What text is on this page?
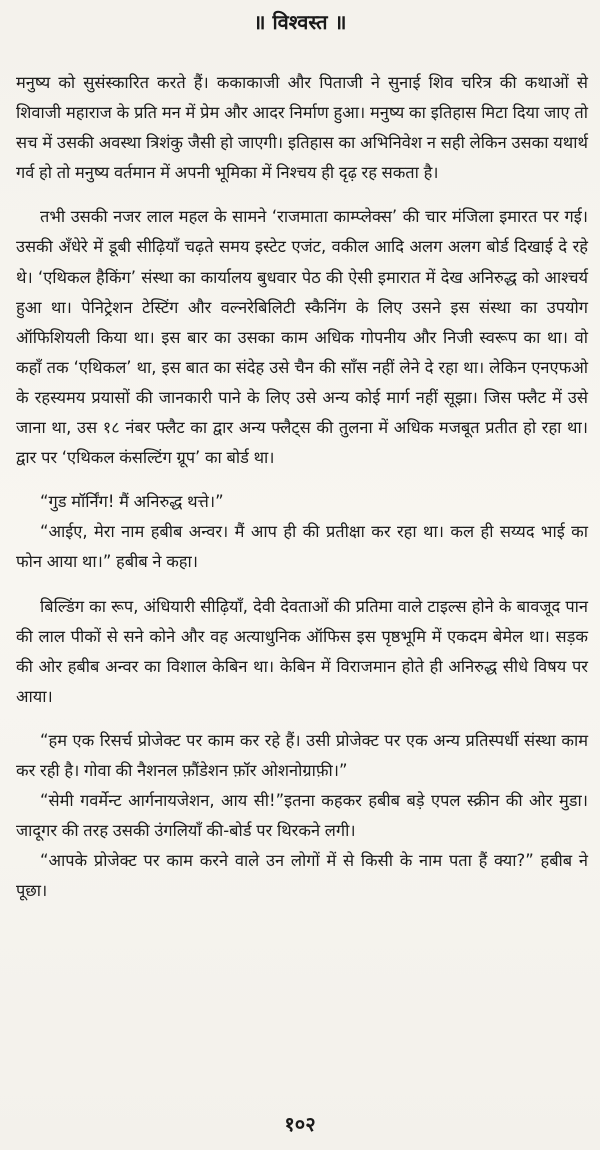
॥ विश्वस्त ॥

मनुष्य को सुसंस्कारित करते हैं। ककाकाजी और पिताजी ने सुनाई शिव चरित्र की कथाओं से शिवाजी महाराज के प्रति मन में प्रेम और आदर निर्माण हुआ। मनुष्य का इतिहास मिटा दिया जाए तो सच में उसकी अवस्था त्रिशंकु जैसी हो जाएगी। इतिहास का अभिनिवेश न सही लेकिन उसका यथार्थ गर्व हो तो मनुष्य वर्तमान में अपनी भूमिका में निश्चय ही दृढ़ रह सकता है।

तभी उसकी नजर लाल महल के सामने ‘राजमाता काम्प्लेक्स’ की चार मंजिला इमारत पर गई। उसकी अँधेरे में डूबी सीढ़ियाँ चढ़ते समय इस्टेट एजंट, वकील आदि अलग अलग बोर्ड दिखाई दे रहे थे। ‘एथिकल हैकिंग’ संस्था का कार्यालय बुधवार पेठ की ऐसी इमारात में देख अनिरुद्ध को आश्चर्य हुआ था। पेनिट्रेशन टेस्टिंग और वल्नरेबिलिटी स्कैनिंग के लिए उसने इस संस्था का उपयोग ऑफिशियली किया था। इस बार का उसका काम अधिक गोपनीय और निजी स्वरूप का था। वो कहाँ तक ‘एथिकल’ था, इस बात का संदेह उसे चैन की साँस नहीं लेने दे रहा था। लेकिन एनएफओ के रहस्यमय प्रयासों की जानकारी पाने के लिए उसे अन्य कोई मार्ग नहीं सूझा। जिस फ्लैट में उसे जाना था, उस १८ नंबर फ्लैट का द्वार अन्य फ्लैट्स की तुलना में अधिक मजबूत प्रतीत हो रहा था। द्वार पर ‘एथिकल कंसल्टिंग ग्रूप’ का बोर्ड था।

“गुड मॉर्निंग! मैं अनिरुद्ध थत्ते।”

“आईए, मेरा नाम हबीब अन्वर। मैं आप ही की प्रतीक्षा कर रहा था। कल ही सय्यद भाई का फोन आया था।” हबीब ने कहा।

बिल्डिंग का रूप, अंधियारी सीढ़ियाँ, देवी देवताओं की प्रतिमा वाले टाइल्स होने के बावजूद पान की लाल पीकों से सने कोने और वह अत्याधुनिक ऑफिस इस पृष्ठभूमि में एकदम बेमेल था। सड़क की ओर हबीब अन्वर का विशाल केबिन था। केबिन में विराजमान होते ही अनिरुद्ध सीधे विषय पर आया।

“हम एक रिसर्च प्रोजेक्ट पर काम कर रहे हैं। उसी प्रोजेक्ट पर एक अन्य प्रतिस्पर्धी संस्था काम कर रही है। गोवा की नैशनल फ़ौंडेशन फ़ॉर ओशनोग्राफ़ी।”

“सेमी गवर्मेन्ट आर्गनायजेशन, आय सी!”इतना कहकर हबीब बड़े एपल स्क्रीन की ओर मुडा। जादूगर की तरह उसकी उंगलियाँ की-बोर्ड पर थिरकने लगी।

“आपके प्रोजेक्ट पर काम करने वाले उन लोगों में से किसी के नाम पता हैं क्या?” हबीब ने पूछा।

१०२
